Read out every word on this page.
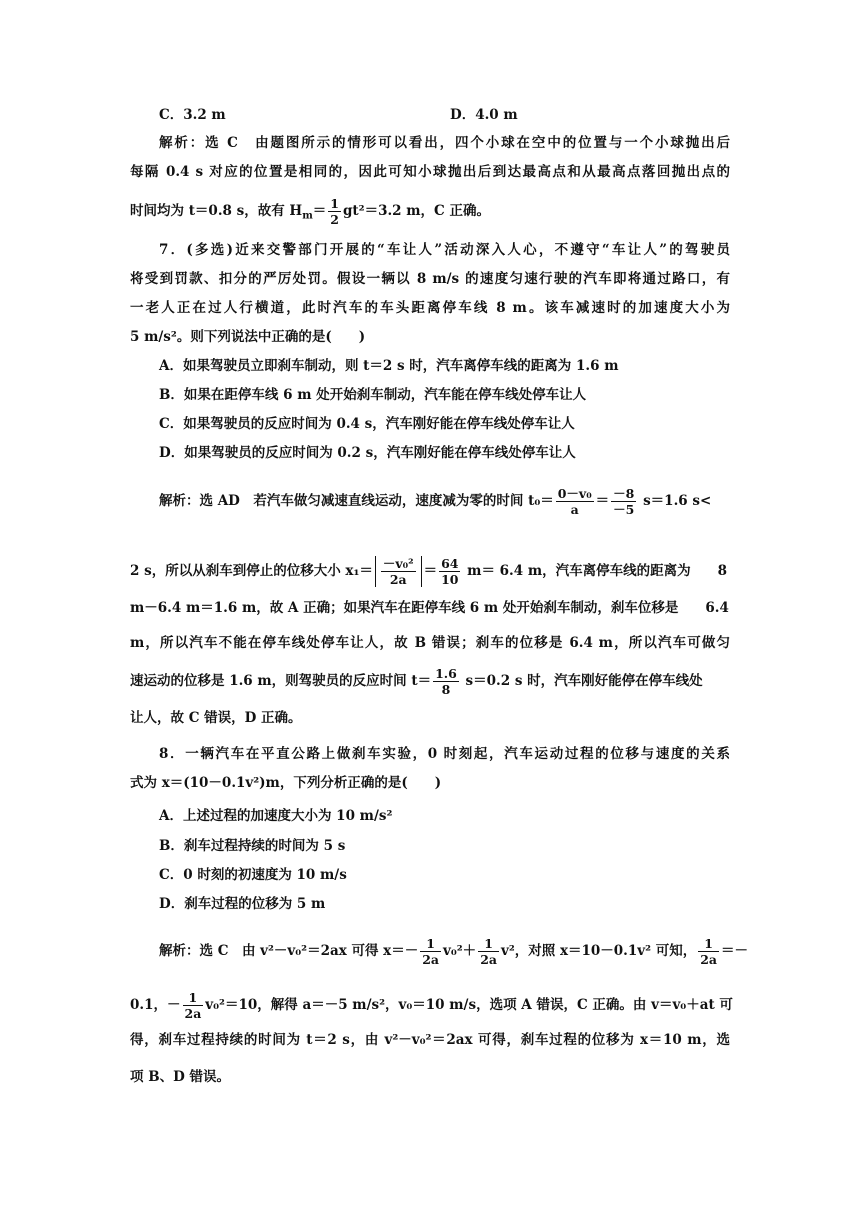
C．3.2 m	D．4.0 m
解析：选 C　由题图所示的情形可以看出，四个小球在空中的位置与一个小球抛出后
每隔 0.4 s 对应的位置是相同的，因此可知小球抛出后到达最高点和从最高点落回抛出点的
时间均为 t＝0.8 s，故有 $H_m= \frac{1}{2} gt^2=3.2$ m，C 正确。
7．(多选)近来交警部门开展的“车让人”活动深入人心，不遵守“车让人”的驾驶员
将受到罚款、扣分的严厉处罚。假设一辆以 8 m/s 的速度匀速行驶的汽车即将通过路口，有
一老人正在过人行横道，此时汽车的车头距离停车线 8 m。该车减速时的加速度大小为
5 m/s²。则下列说法中正确的是(　　)
A．如果驾驶员立即刹车制动，则 t＝2 s 时，汽车离停车线的距离为 1.6 m
B．如果在距停车线 6 m 处开始刹车制动，汽车能在停车线处停车让人
C．如果驾驶员的反应时间为 0.4 s，汽车刚好能在停车线处停车让人
D．如果驾驶员的反应时间为 0.2 s，汽车刚好能在停车线处停车让人
解析：选 AD　若汽车做匀减速直线运动，速度减为零的时间 $t_0= \frac{\text{0－v₀}}{a} = \frac{-8}{-5} s=1.6$ s<
2 s，所以从刹车到停止的位移大小 $x_1= \frac{\text{－v₀²}}{2a} = \frac{64}{10} m= 6.4$ m，汽车离停车线的距离为　　8
m－6.4 m＝1.6 m，故 A 正确；如果汽车在距停车线 6 m 处开始刹车制动，刹车位移是　　6.4
m，所以汽车不能在停车线处停车让人，故 B 错误；刹车的位移是 6.4 m，所以汽车可做匀
速运动的位移是 1.6 m，则驾驶员的反应时间 $t= \frac{1.6}{8} s=0.2$ s 时，汽车刚好能停在停车线处
让人，故 C 错误，D 正确。
8．一辆汽车在平直公路上做刹车实验，0 时刻起，汽车运动过程的位移与速度的关系
式为 x＝(10－0.1v²)m，下列分析正确的是(　　)
A．上述过程的加速度大小为 10 m/s²
B．刹车过程持续的时间为 5 s
C．0 时刻的初速度为 10 m/s
D．刹车过程的位移为 5 m
解析：选 C　由 v²－v₀²＝2ax 可得 $x=- \frac{1}{2a} v_0^2+ \frac{1}{2a} v^2$，对照 x＝10－0.1v² 可知， $\frac{1}{2a}$ ＝－
0.1，－ $\frac{1}{2a} v_0^2=10$，解得 a＝－5 m/s²，v₀＝10 m/s，选项 A 错误，C 正确。由 v＝v₀＋at 可
得，刹车过程持续的时间为 t＝2 s，由 v²－v₀²＝2ax 可得，刹车过程的位移为 x＝10 m，选
项 B、D 错误。
